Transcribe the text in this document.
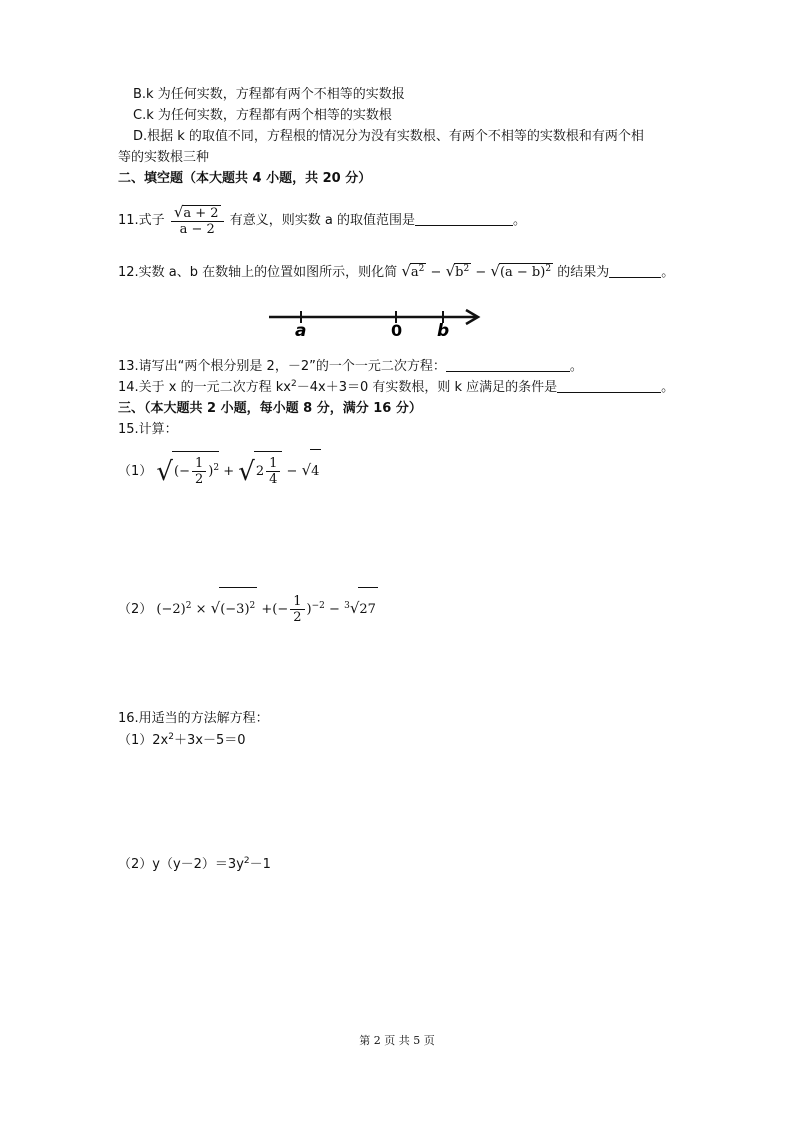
B.k 为任何实数，方程都有两个不相等的实数报
C.k 为任何实数，方程都有两个相等的实数根
D.根据 k 的取值不同，方程根的情况分为没有实数根、有两个不相等的实数根和有两个相
等的实数根三种
二、填空题（本大题共 4 小题，共 20 分）
11.式子 $\frac{√a + 2}{a - 2}$ 有意义，则实数 a 的取值范围是	。
12.实数 a、b 在数轴上的位置如图所示，则化简 $√a^2 - √b^2 - √(a - b)^2$ 的结果为	。
a	0 b
13.请写出“两个根分别是 2，－2”的一个一元二次方程：	。
14.关于 x 的一元二次方程 $kx^2-4x+3=0$ 有实数根，则 k 应满足的条件是	。
三、（本大题共 2 小题，每小题 8 分，满分 16 分）
15.计算：
（1） √(− $\frac{1}{2} )^2 + √2 \frac{1}{4} - √4$
（2） $(-2)^2 \times √(-3)^2$ +(− $\frac{1}{2} )^{-2} - ^3√27$
16.用适当的方法解方程：
$(1)2x^2+3x-5=0$
$(2)y(y-2)=3y^2-1$
第 2 页 共 5 页
